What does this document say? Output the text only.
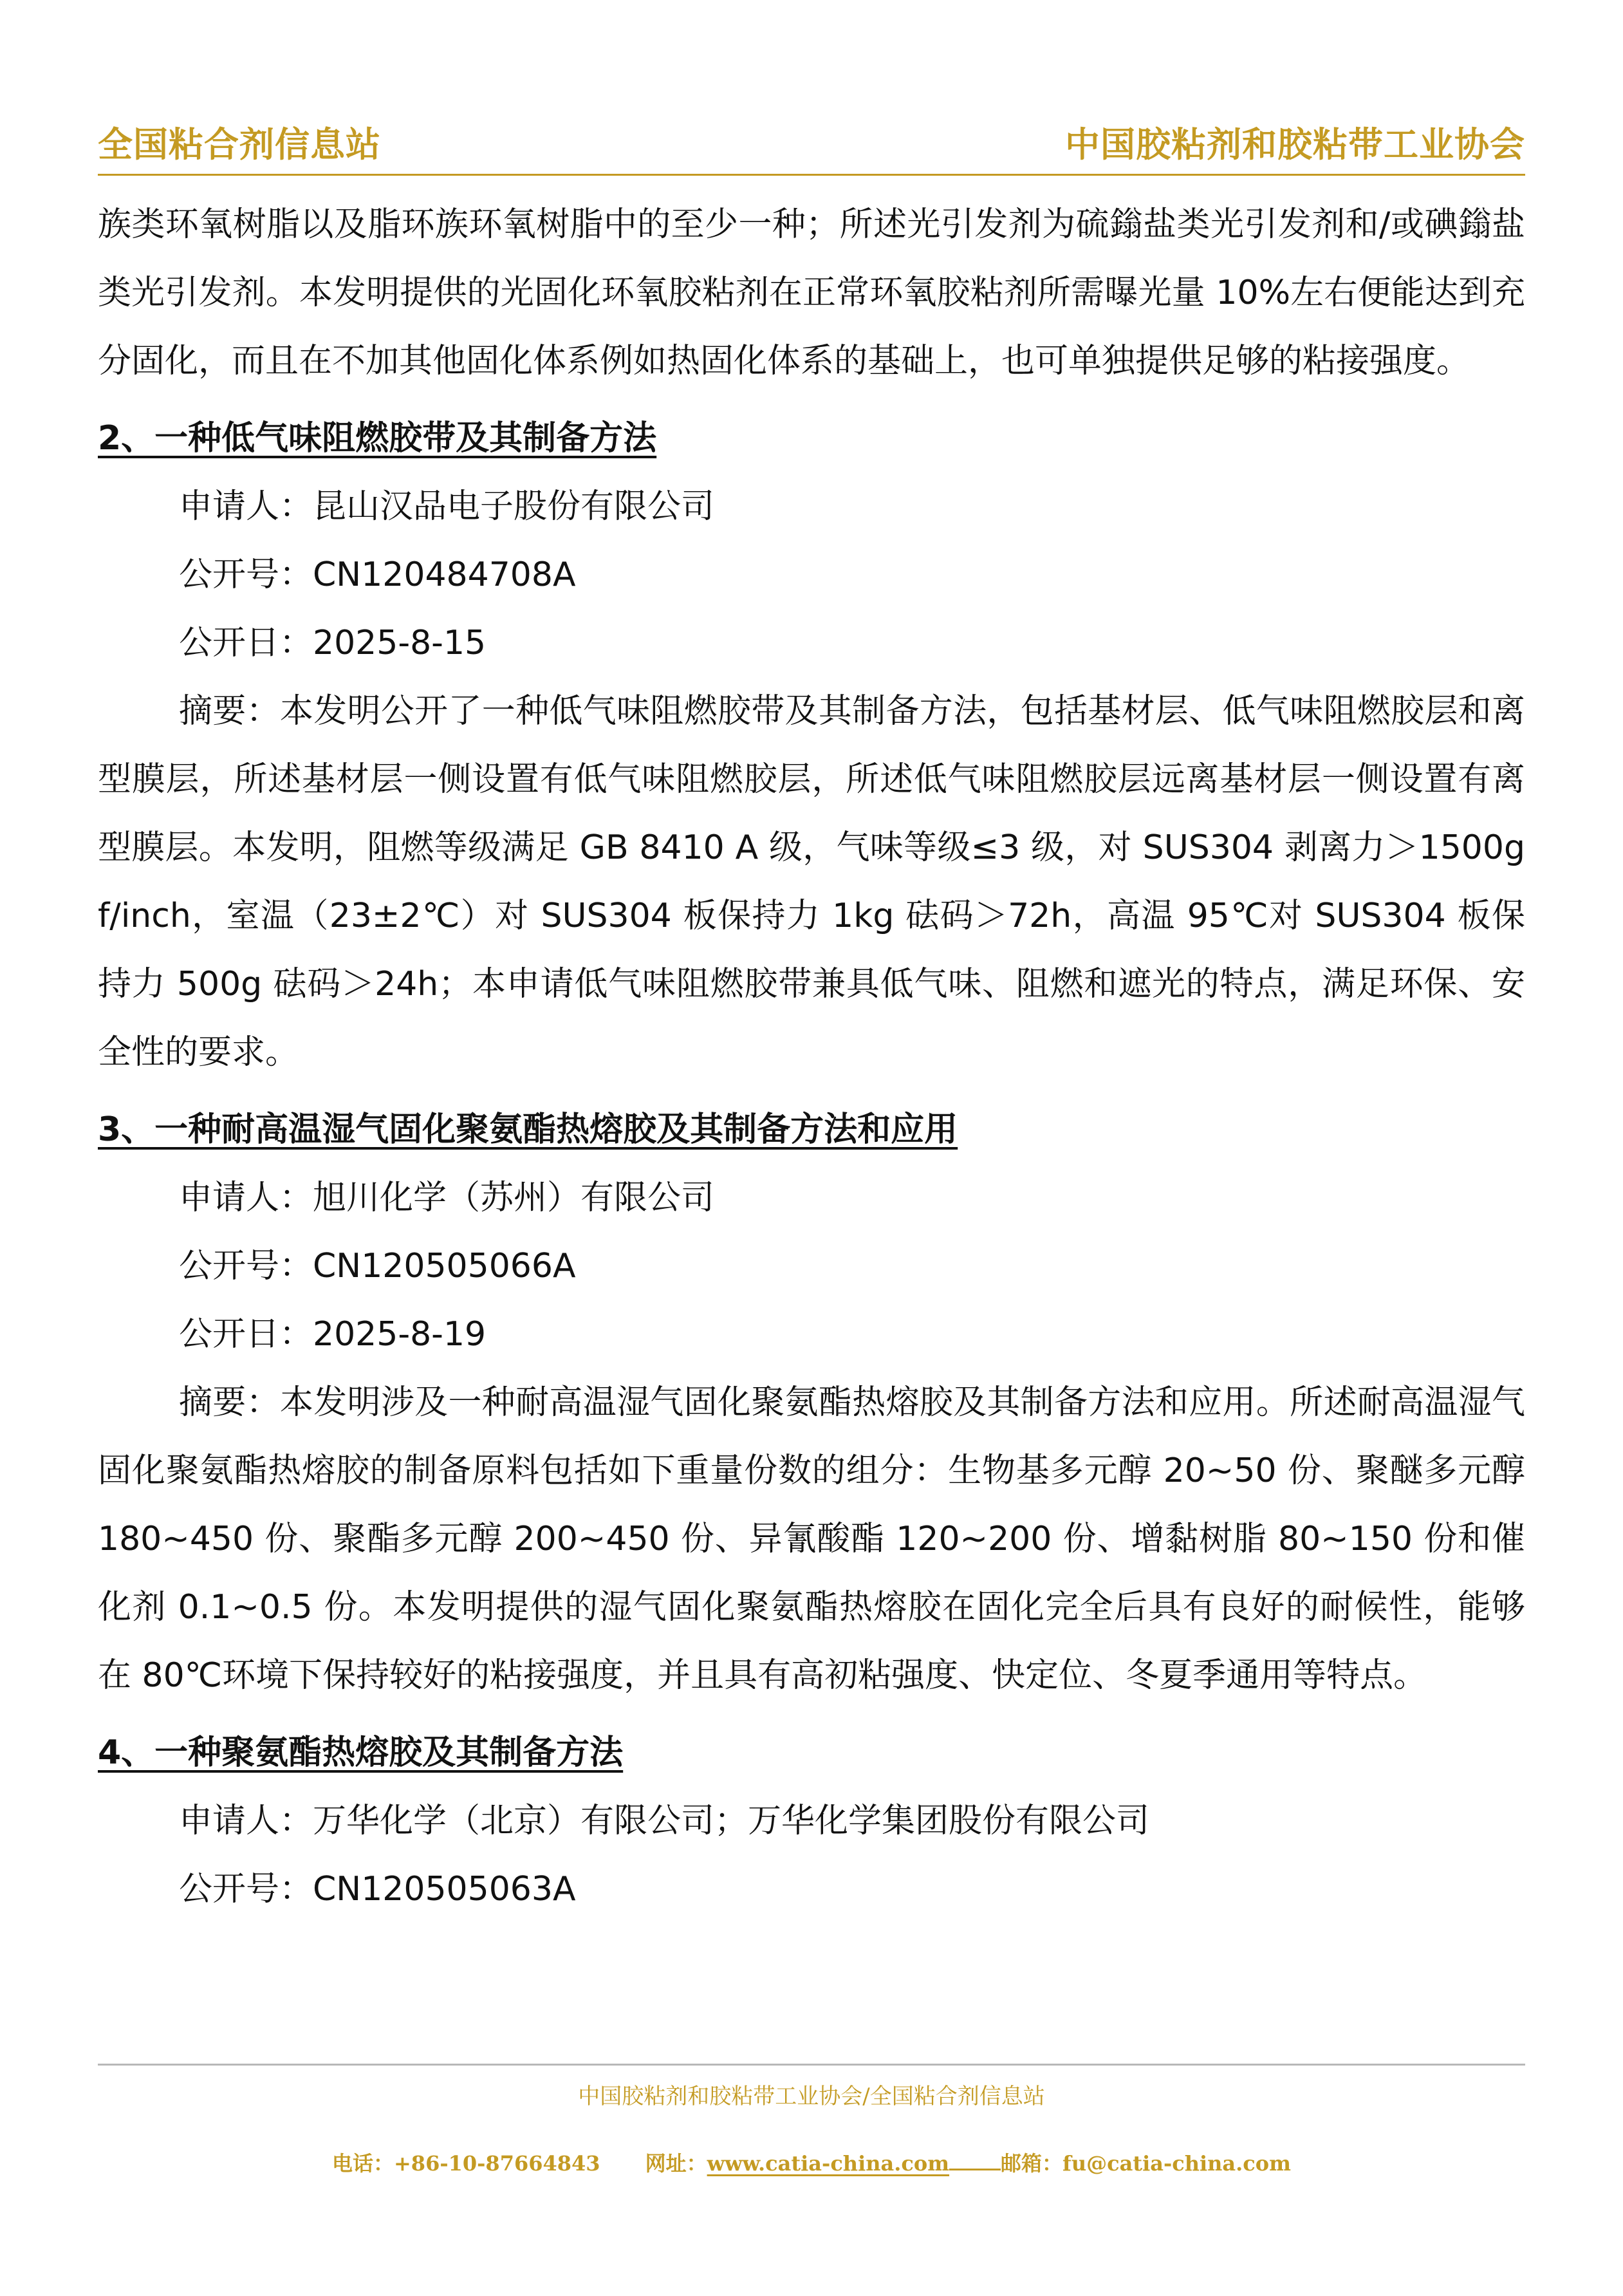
全国粘合剂信息站	中国胶粘剂和胶粘带工业协会

族类环氧树脂以及脂环族环氧树脂中的至少一种；所述光引发剂为硫鎓盐类光引发剂和/或碘鎓盐类光引发剂。本发明提供的光固化环氧胶粘剂在正常环氧胶粘剂所需曝光量 10%左右便能达到充分固化，而且在不加其他固化体系例如热固化体系的基础上，也可单独提供足够的粘接强度。

2、一种低气味阻燃胶带及其制备方法

申请人：昆山汉品电子股份有限公司

公开号：CN120484708A

公开日：2025-8-15

摘要：本发明公开了一种低气味阻燃胶带及其制备方法，包括基材层、低气味阻燃胶层和离型膜层，所述基材层一侧设置有低气味阻燃胶层，所述低气味阻燃胶层远离基材层一侧设置有离型膜层。本发明，阻燃等级满足 GB 8410 A 级，气味等级≤3 级，对 SUS304 剥离力＞1500gf/inch，室温（23±2℃）对 SUS304 板保持力 1kg 砝码＞72h，高温 95℃对 SUS304 板保持力 500g 砝码＞24h；本申请低气味阻燃胶带兼具低气味、阻燃和遮光的特点，满足环保、安全性的要求。

3、一种耐高温湿气固化聚氨酯热熔胶及其制备方法和应用

申请人：旭川化学（苏州）有限公司

公开号：CN120505066A

公开日：2025-8-19

摘要：本发明涉及一种耐高温湿气固化聚氨酯热熔胶及其制备方法和应用。所述耐高温湿气固化聚氨酯热熔胶的制备原料包括如下重量份数的组分：生物基多元醇 20~50 份、聚醚多元醇 180~450 份、聚酯多元醇 200~450 份、异氰酸酯 120~200 份、增黏树脂 80~150 份和催化剂 0.1~0.5 份。本发明提供的湿气固化聚氨酯热熔胶在固化完全后具有良好的耐候性，能够在 80℃环境下保持较好的粘接强度，并且具有高初粘强度、快定位、冬夏季通用等特点。

4、一种聚氨酯热熔胶及其制备方法

申请人：万华化学（北京）有限公司；万华化学集团股份有限公司

公开号：CN120505063A

中国胶粘剂和胶粘带工业协会/全国粘合剂信息站
电话：+86-10-87664843 网址：www.catia-china.com	邮箱：fu@catia-china.com
